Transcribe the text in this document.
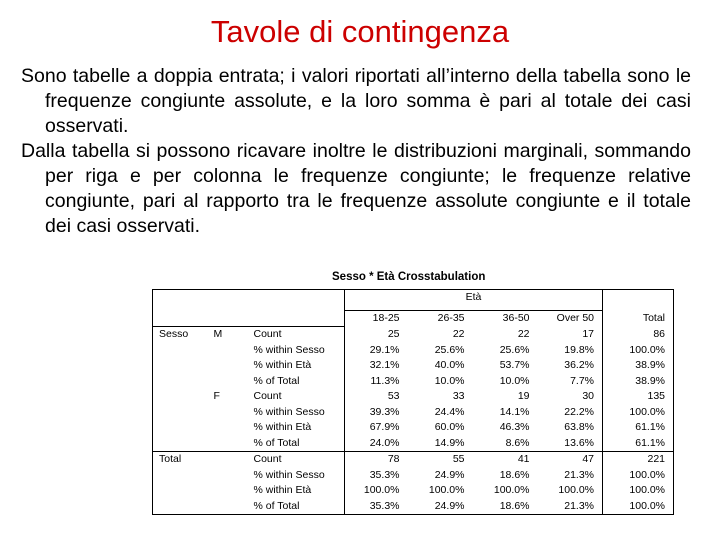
Tavole di contingenza

Sono tabelle a doppia entrata; i valori riportati all’interno della tabella sono le frequenze congiunte assolute, e la loro somma è pari al totale dei casi osservati.

Dalla tabella si possono ricavare inoltre le distribuzioni marginali, sommando per riga e per colonna le frequenze congiunte; le frequenze relative congiunte, pari al rapporto tra le frequenze assolute congiunte e il totale dei casi osservati.

Sesso * Età Crosstabulation
			Età				
			18-25	26-35	36-50	Over 50	Total
Sesso	M	Count	25	22	22	17	86
		% within Sesso	29.1%	25.6%	25.6%	19.8%	100.0%
		% within Età	32.1%	40.0%	53.7%	36.2%	38.9%
		% of Total	11.3%	10.0%	10.0%	7.7%	38.9%
	F	Count	53	33	19	30	135
		% within Sesso	39.3%	24.4%	14.1%	22.2%	100.0%
		% within Età	67.9%	60.0%	46.3%	63.8%	61.1%
		% of Total	24.0%	14.9%	8.6%	13.6%	61.1%
Total		Count	78	55	41	47	221
		% within Sesso	35.3%	24.9%	18.6%	21.3%	100.0%
		% within Età	100.0%	100.0%	100.0%	100.0%	100.0%
		% of Total	35.3%	24.9%	18.6%	21.3%	100.0%
